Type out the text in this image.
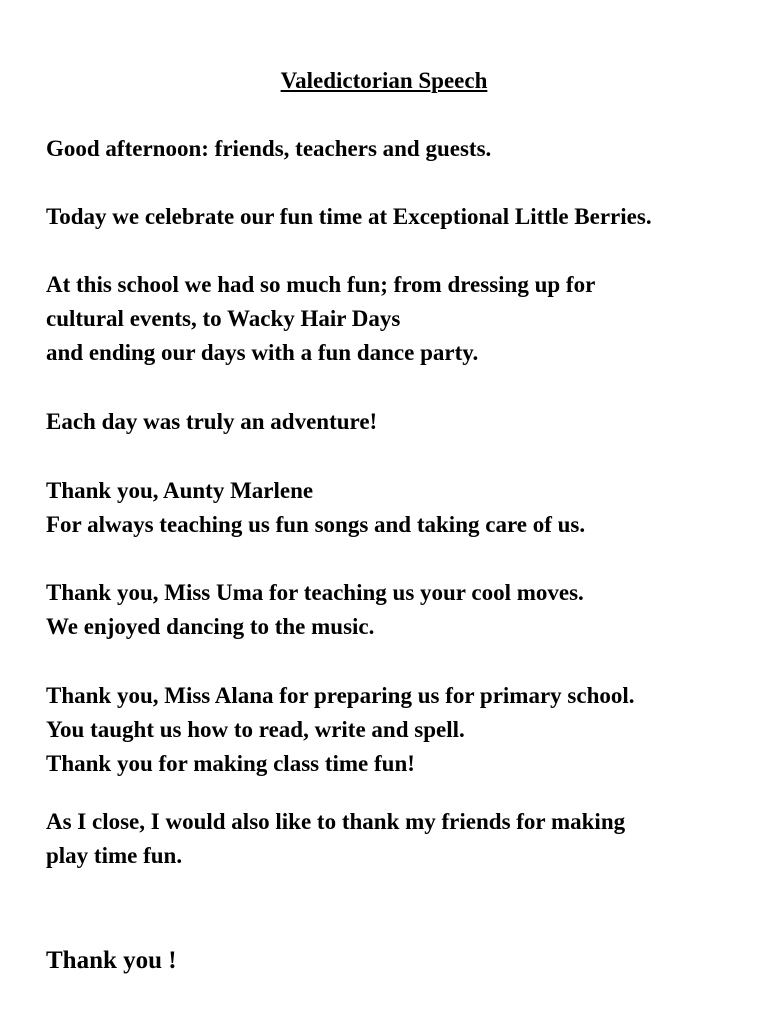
Valedictorian Speech

Good afternoon: friends, teachers and guests.

Today we celebrate our fun time at Exceptional Little Berries.

At this school we had so much fun; from dressing up for
cultural events, to Wacky Hair Days
and ending our days with a fun dance party.

Each day was truly an adventure!

Thank you, Aunty Marlene
For always teaching us fun songs and taking care of us.

Thank you, Miss Uma for teaching us your cool moves.
We enjoyed dancing to the music.

Thank you, Miss Alana for preparing us for primary school.
You taught us how to read, write and spell.
Thank you for making class time fun!

As I close, I would also like to thank my friends for making
play time fun.

Thank you !
